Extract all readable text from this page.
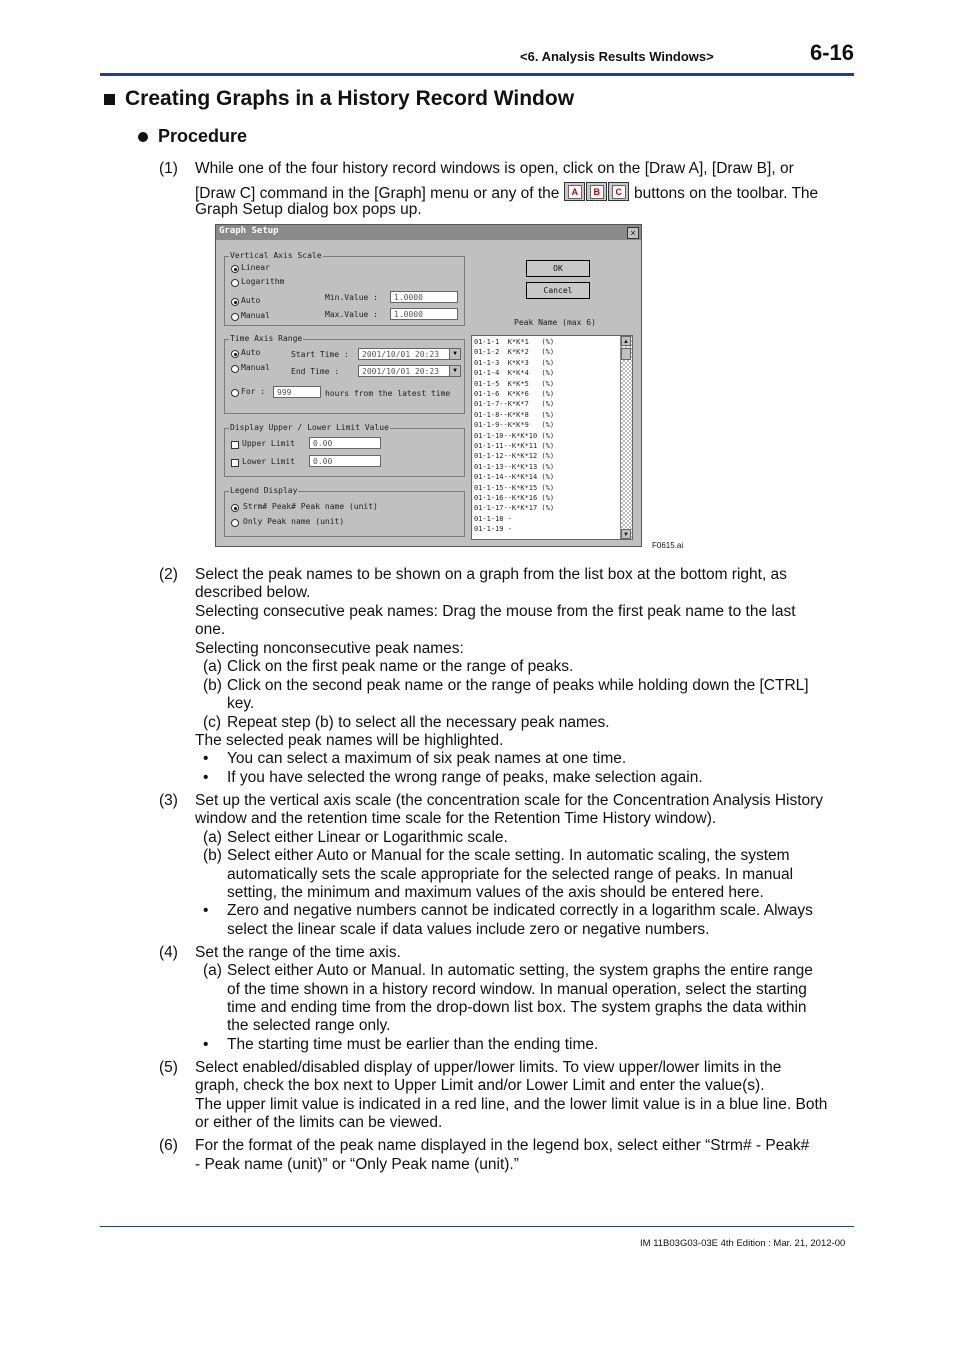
<6. Analysis Results Windows>	6-16
Creating Graphs in a History Record Window
Procedure
(1) While one of the four history record windows is open, click on the [Draw A], [Draw B], or
[Draw C] command in the [Graph] menu or any of the	A	B	C buttons on the toolbar. The
Graph Setup dialog box pops up.
Graph Setup	×
Vertical Axis Scale
Linear
Logarithm
Auto
Manual
Min.Value :	1.0000
Max.Value :	1.0000
OK
Cancel
Peak Name (max 6)
Time Axis Range
Auto
Manual
Start Time :	2001/10/01 20:23	▼
End Time :	2001/10/01 20:23	▼
For :	999	hours from the latest time
Display Upper / Lower Limit Value
Upper Limit	0.00
Lower Limit	0.00
Legend Display
Strm# Peak# Peak name (unit)
Only Peak name (unit)
01-1-1  K*K*1   (%)
01-1-2  K*K*2   (%)
01-1-3  K*K*3   (%)
01-1-4  K*K*4   (%)
01-1-5  K*K*5   (%)
01-1-6  K*K*6   (%)
01-1-7--K*K*7   (%)
01-1-8--K*K*8   (%)
01-1-9--K*K*9   (%)
01-1-10--K*K*10 (%)
01-1-11--K*K*11 (%)
01-1-12--K*K*12 (%)
01-1-13--K*K*13 (%)
01-1-14--K*K*14 (%)
01-1-15--K*K*15 (%)
01-1-16--K*K*16 (%)
01-1-17--K*K*17 (%)
01-1-18 -
01-1-19 -
▲
▼
F0615.ai
(2) Select the peak names to be shown on a graph from the list box at the bottom right, as
described below.
Selecting consecutive peak names: Drag the mouse from the first peak name to the last
one.
Selecting nonconsecutive peak names:
(a) Click on the first peak name or the range of peaks.
(b) Click on the second peak name or the range of peaks while holding down the [CTRL]
key.
(c) Repeat step (b) to select all the necessary peak names.
The selected peak names will be highlighted.
• You can select a maximum of six peak names at one time.
• If you have selected the wrong range of peaks, make selection again.
(3) Set up the vertical axis scale (the concentration scale for the Concentration Analysis History
window and the retention time scale for the Retention Time History window).
(a) Select either Linear or Logarithmic scale.
(b) Select either Auto or Manual for the scale setting. In automatic scaling, the system
automatically sets the scale appropriate for the selected range of peaks. In manual
setting, the minimum and maximum values of the axis should be entered here.
• Zero and negative numbers cannot be indicated correctly in a logarithm scale. Always
select the linear scale if data values include zero or negative numbers.
(4) Set the range of the time axis.
(a) Select either Auto or Manual. In automatic setting, the system graphs the entire range
of the time shown in a history record window. In manual operation, select the starting
time and ending time from the drop-down list box. The system graphs the data within
the selected range only.
• The starting time must be earlier than the ending time.
(5) Select enabled/disabled display of upper/lower limits. To view upper/lower limits in the
graph, check the box next to Upper Limit and/or Lower Limit and enter the value(s).
The upper limit value is indicated in a red line, and the lower limit value is in a blue line. Both
or either of the limits can be viewed.
(6) For the format of the peak name displayed in the legend box, select either “Strm# - Peak#
- Peak name (unit)” or “Only Peak name (unit).”
IM 11B03G03-03E 4th Edition : Mar. 21, 2012-00
